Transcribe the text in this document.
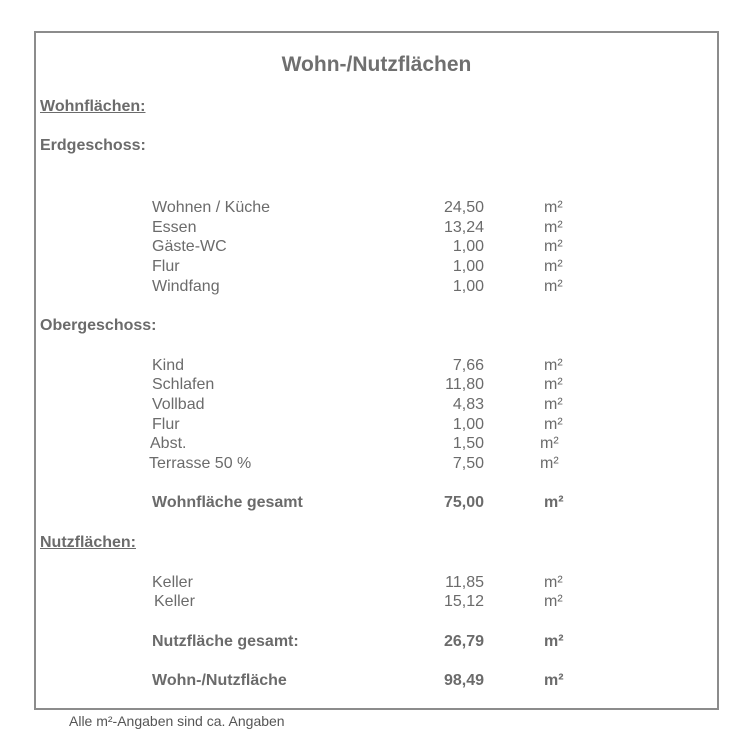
Wohn-/Nutzflächen
Wohnflächen:
Erdgeschoss:
Wohnen / Küche	24,50	m²
Essen	13,24	m²
Gäste-WC	1,00	m²
Flur	1,00	m²
Windfang	1,00	m²
Obergeschoss:
Kind	7,66	m²
Schlafen	11,80	m²
Vollbad	4,83	m²
Flur	1,00	m²
Abst.	1,50	m²
Terrasse 50 %	7,50	m²
Wohnfläche gesamt	75,00	m²
Nutzflächen:
Keller	11,85	m²
Keller	15,12	m²
Nutzfläche gesamt:	26,79	m²
Wohn-/Nutzfläche	98,49	m²
Alle m²-Angaben sind ca. Angaben
